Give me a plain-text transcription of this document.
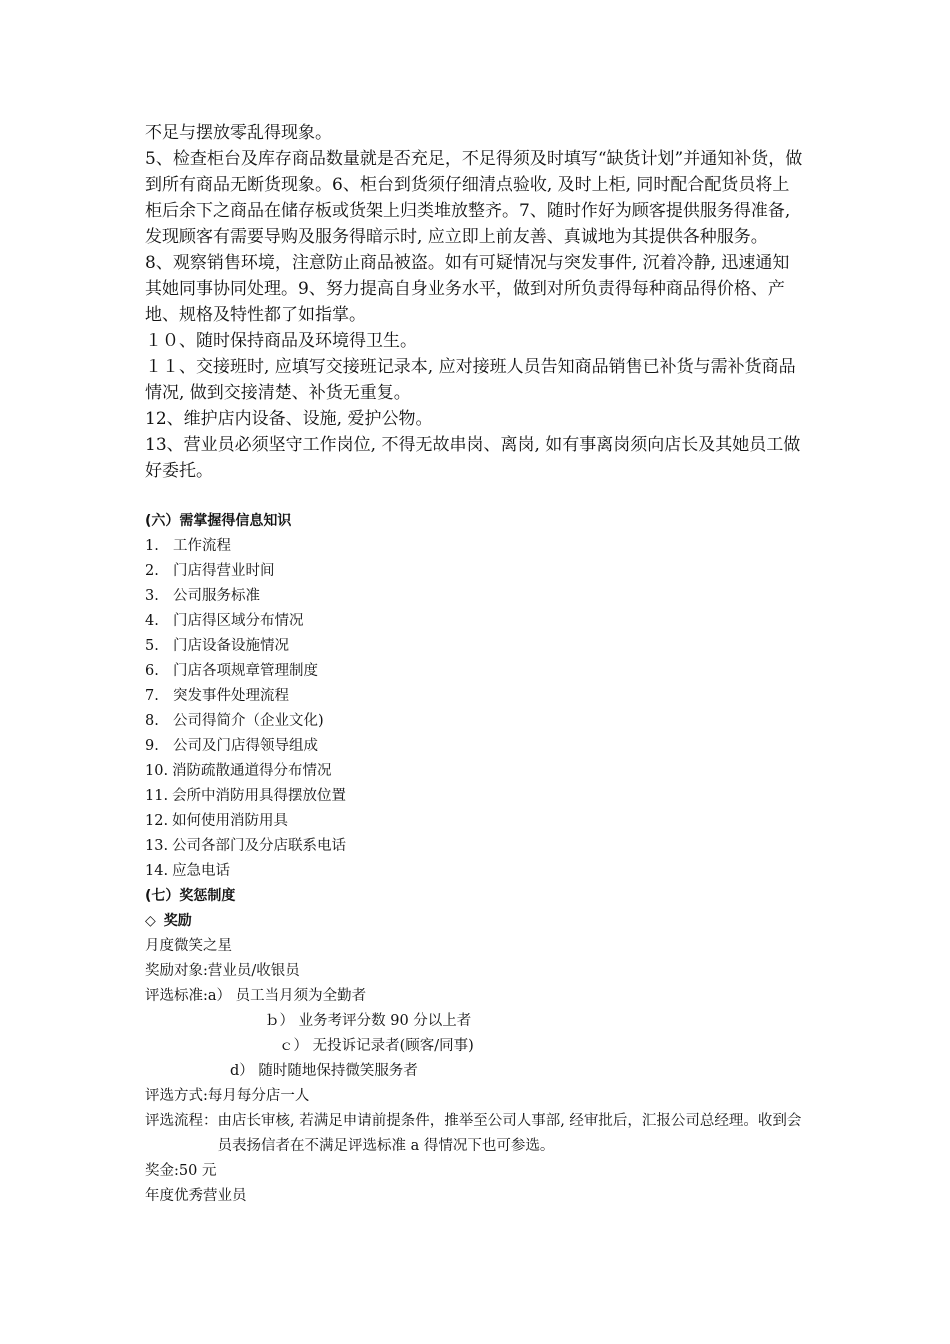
不足与摆放零乱得现象。

5、检查柜台及库存商品数量就是否充足，不足得须及时填写“缺货计划”并通知补货，做到所有商品无断货现象。6、柜台到货须仔细清点验收, 及时上柜, 同时配合配货员将上柜后余下之商品在储存板或货架上归类堆放整齐。7、随时作好为顾客提供服务得准备, 发现顾客有需要导购及服务得暗示时, 应立即上前友善、真诚地为其提供各种服务。

8、观察销售环境，注意防止商品被盗。如有可疑情况与突发事件, 沉着冷静, 迅速通知其她同事协同处理。9、努力提高自身业务水平，做到对所负责得每种商品得价格、产地、规格及特性都了如指掌。

１０、随时保持商品及环境得卫生。

１１、交接班时, 应填写交接班记录本, 应对接班人员告知商品销售已补货与需补货商品情况, 做到交接清楚、补货无重复。

12、维护店内设备、设施, 爱护公物。

13、营业员必须坚守工作岗位, 不得无故串岗、离岗, 如有事离岗须向店长及其她员工做好委托。

(六）需掌握得信息知识

1. 工作流程
2. 门店得营业时间
3. 公司服务标准
4. 门店得区域分布情况
5. 门店设备设施情况
6. 门店各项规章管理制度
7. 突发事件处理流程
8. 公司得简介（企业文化)
9. 公司及门店得领导组成
10. 消防疏散通道得分布情况
11. 会所中消防用具得摆放位置
12. 如何使用消防用具
13. 公司各部门及分店联系电话
14. 应急电话

(七）奖惩制度

◇ 奖励

月度微笑之星

奖励对象:营业员/收银员

评选标准:a） 员工当月须为全勤者

ｂ） 业务考评分数 90 分以上者

ｃ） 无投诉记录者(顾客/同事)

d） 随时随地保持微笑服务者

评选方式:每月每分店一人

评选流程： 由店长审核, 若满足申请前提条件，推举至公司人事部, 经审批后，汇报公司总经理。收到会员表扬信者在不满足评选标准 a 得情况下也可参选。

奖金:50 元

年度优秀营业员
